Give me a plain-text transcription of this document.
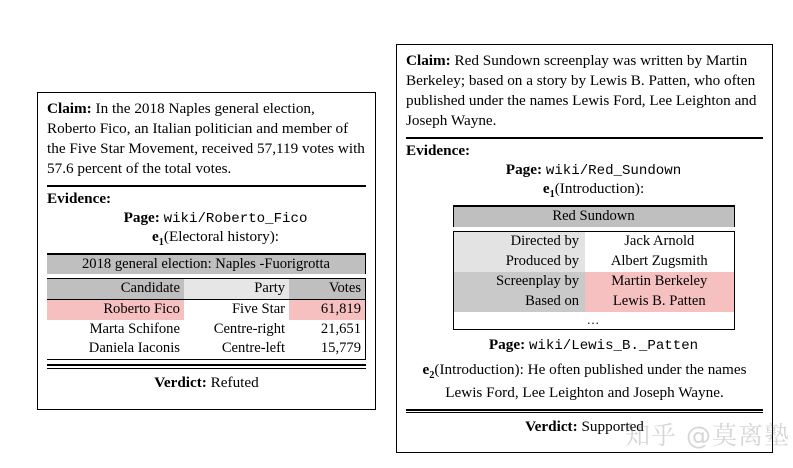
Claim: In the 2018 Naples general election, Roberto Fico, an Italian politician and member of the Five Star Movement, received 57,119 votes with 57.6 percent of the total votes.
Evidence:
Page: wiki/Roberto_Fico
$e_1(Electoral$ history):
2018 general election: Naples -Fuorigrotta		

Candidate	Party	Votes
Roberto Fico	Five Star	61,819
Marta Schifone	Centre-right	21,651
Daniela Iaconis	Centre-left	15,779
Verdict: Refuted
Claim: Red Sundown screenplay was written by Martin Berkeley; based on a story by Lewis B. Patten, who often published under the names Lewis Ford, Lee Leighton and Joseph Wayne.
Evidence:
Page: wiki/Red_Sundown
$e_1(Introduction)$:
Red Sundown	

Directed by	Jack Arnold
Produced by	Albert Zugsmith
Screenplay by	Martin Berkeley
Based on	Lewis B. Patten
...	
Page: wiki/Lewis_B._Patten
$e_2(Introduction)$: He often published under the names Lewis Ford, Lee Leighton and Joseph Wayne.
Verdict: Supported
知乎 @莫离塾
